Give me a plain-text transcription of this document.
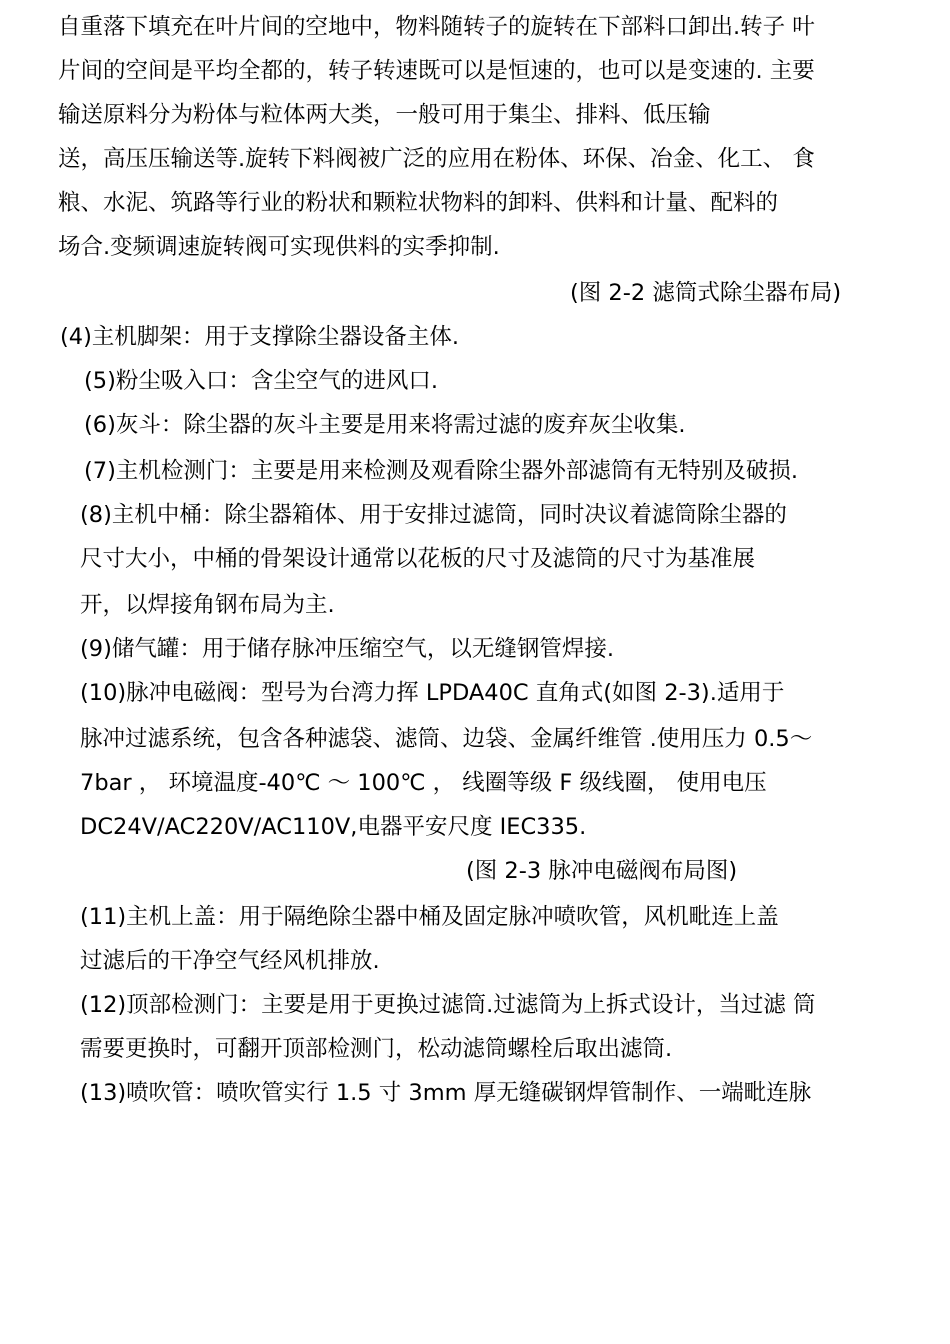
自重落下填充在叶片间的空地中，物料随转子的旋转在下部料口卸出.转子 叶
片间的空间是平均全都的，转子转速既可以是恒速的，也可以是变速的. 主要
输送原料分为粉体与粒体两大类，一般可用于集尘、排料、低压输
送，高压压输送等.旋转下料阀被广泛的应用在粉体、环保、冶金、化工、 食
粮、水泥、筑路等行业的粉状和颗粒状物料的卸料、供料和计量、配料的
场合.变频调速旋转阀可实现供料的实季抑制.
(图 2-2 滤筒式除尘器布局)
(4)主机脚架：用于支撑除尘器设备主体.
(5)粉尘吸入口：含尘空气的进风口.
(6)灰斗：除尘器的灰斗主要是用来将需过滤的废弃灰尘收集.
(7)主机检测门：主要是用来检测及观看除尘器外部滤筒有无特别及破损.
(8)主机中桶：除尘器箱体、用于安排过滤筒，同时决议着滤筒除尘器的
尺寸大小，中桶的骨架设计通常以花板的尺寸及滤筒的尺寸为基准展
开，以焊接角钢布局为主.
(9)储气罐：用于储存脉冲压缩空气，以无缝钢管焊接.
(10)脉冲电磁阀：型号为台湾力挥 LPDA40C 直角式(如图 2-3).适用于
脉冲过滤系统，包含各种滤袋、滤筒、边袋、金属纤维管 .使用压力 0.5～
7bar ， 环境温度-40℃ ～ 100℃ ， 线圈等级 F 级线圈， 使用电压
DC24V/AC220V/AC110V,电器平安尺度 IEC335.
(图 2-3 脉冲电磁阀布局图)
(11)主机上盖：用于隔绝除尘器中桶及固定脉冲喷吹管，风机毗连上盖
过滤后的干净空气经风机排放.
(12)顶部检测门：主要是用于更换过滤筒.过滤筒为上拆式设计，当过滤 筒
需要更换时，可翻开顶部检测门，松动滤筒螺栓后取出滤筒.
(13)喷吹管：喷吹管实行 1.5 寸 3mm 厚无缝碳钢焊管制作、一端毗连脉
